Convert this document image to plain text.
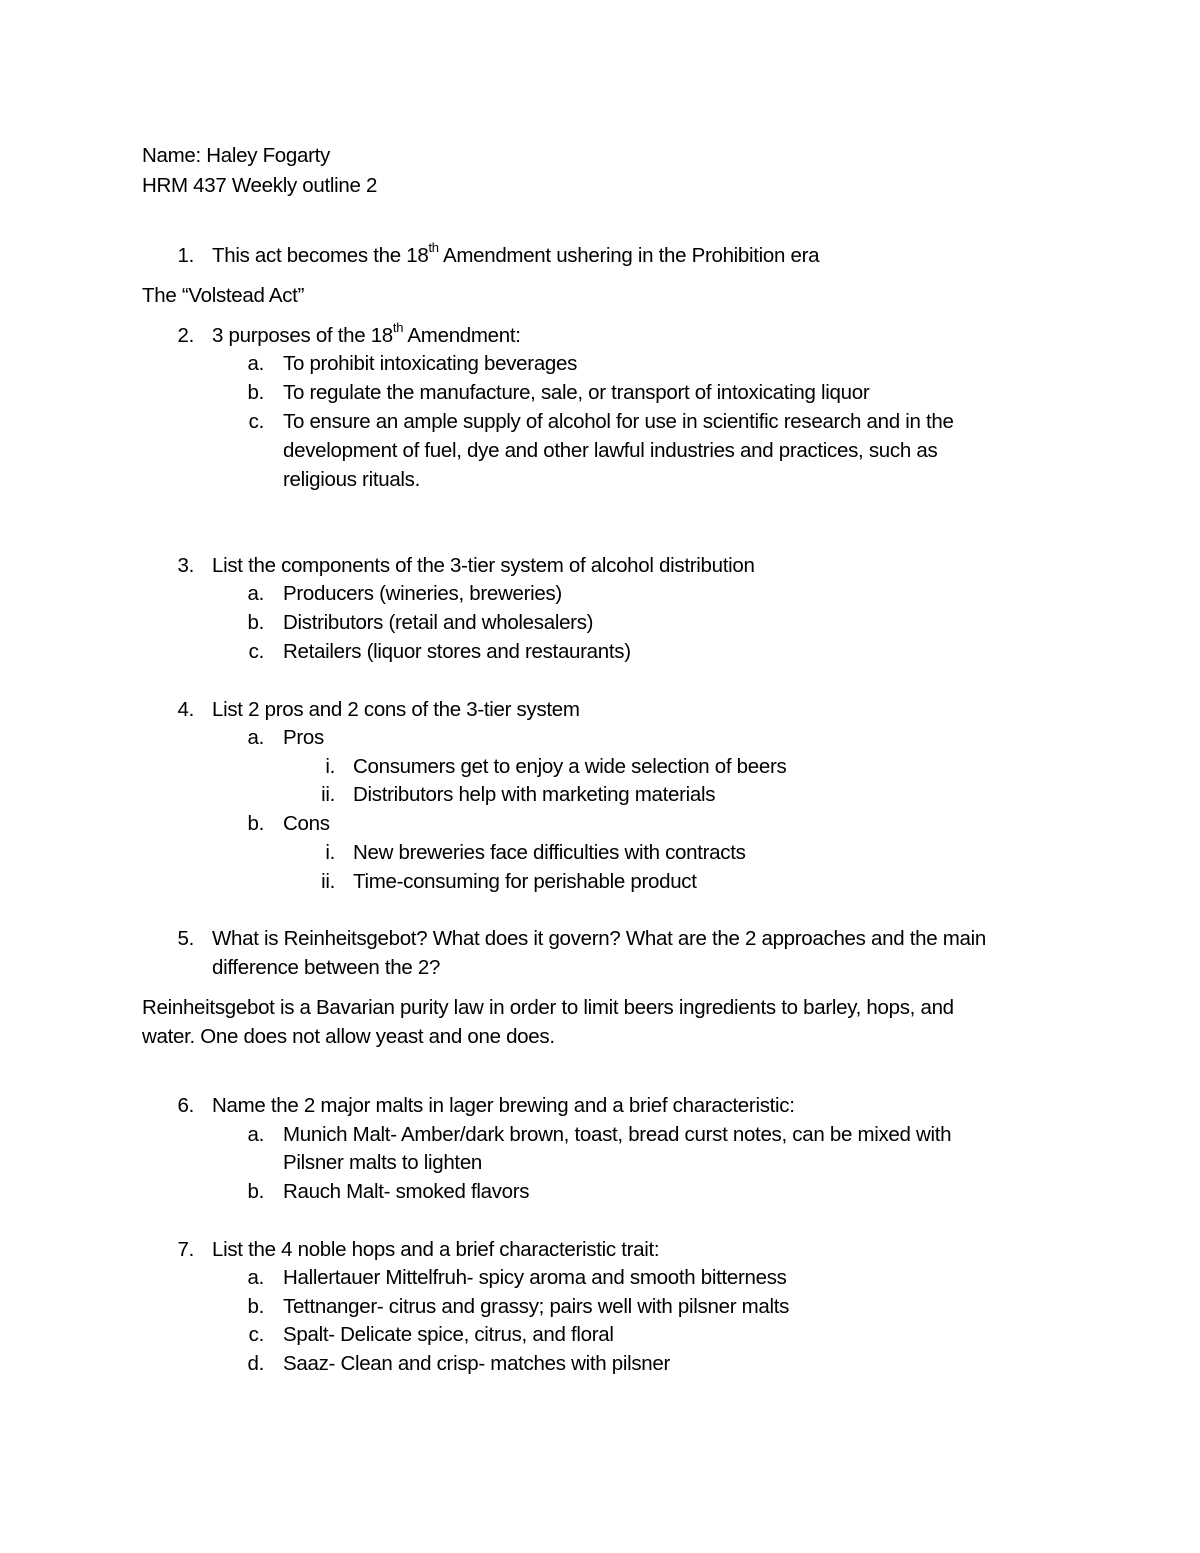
Name: Haley Fogarty
HRM 437 Weekly outline 2
1. This act becomes the 18th Amendment ushering in the Prohibition era
The “Volstead Act”
2. 3 purposes of the 18th Amendment:
a. To prohibit intoxicating beverages
b. To regulate the manufacture, sale, or transport of intoxicating liquor
c. To ensure an ample supply of alcohol for use in scientific research and in the
development of fuel, dye and other lawful industries and practices, such as
religious rituals.
3. List the components of the 3-tier system of alcohol distribution
a. Producers (wineries, breweries)
b. Distributors (retail and wholesalers)
c. Retailers (liquor stores and restaurants)
4. List 2 pros and 2 cons of the 3-tier system
a. Pros
i. Consumers get to enjoy a wide selection of beers
ii. Distributors help with marketing materials
b. Cons
i. New breweries face difficulties with contracts
ii. Time-consuming for perishable product
5. What is Reinheitsgebot? What does it govern? What are the 2 approaches and the main
difference between the 2?
Reinheitsgebot is a Bavarian purity law in order to limit beers ingredients to barley, hops, and
water. One does not allow yeast and one does.
6. Name the 2 major malts in lager brewing and a brief characteristic:
a. Munich Malt- Amber/dark brown, toast, bread curst notes, can be mixed with
Pilsner malts to lighten
b. Rauch Malt- smoked flavors
7. List the 4 noble hops and a brief characteristic trait:
a. Hallertauer Mittelfruh- spicy aroma and smooth bitterness
b. Tettnanger- citrus and grassy; pairs well with pilsner malts
c. Spalt- Delicate spice, citrus, and floral
d. Saaz- Clean and crisp- matches with pilsner
